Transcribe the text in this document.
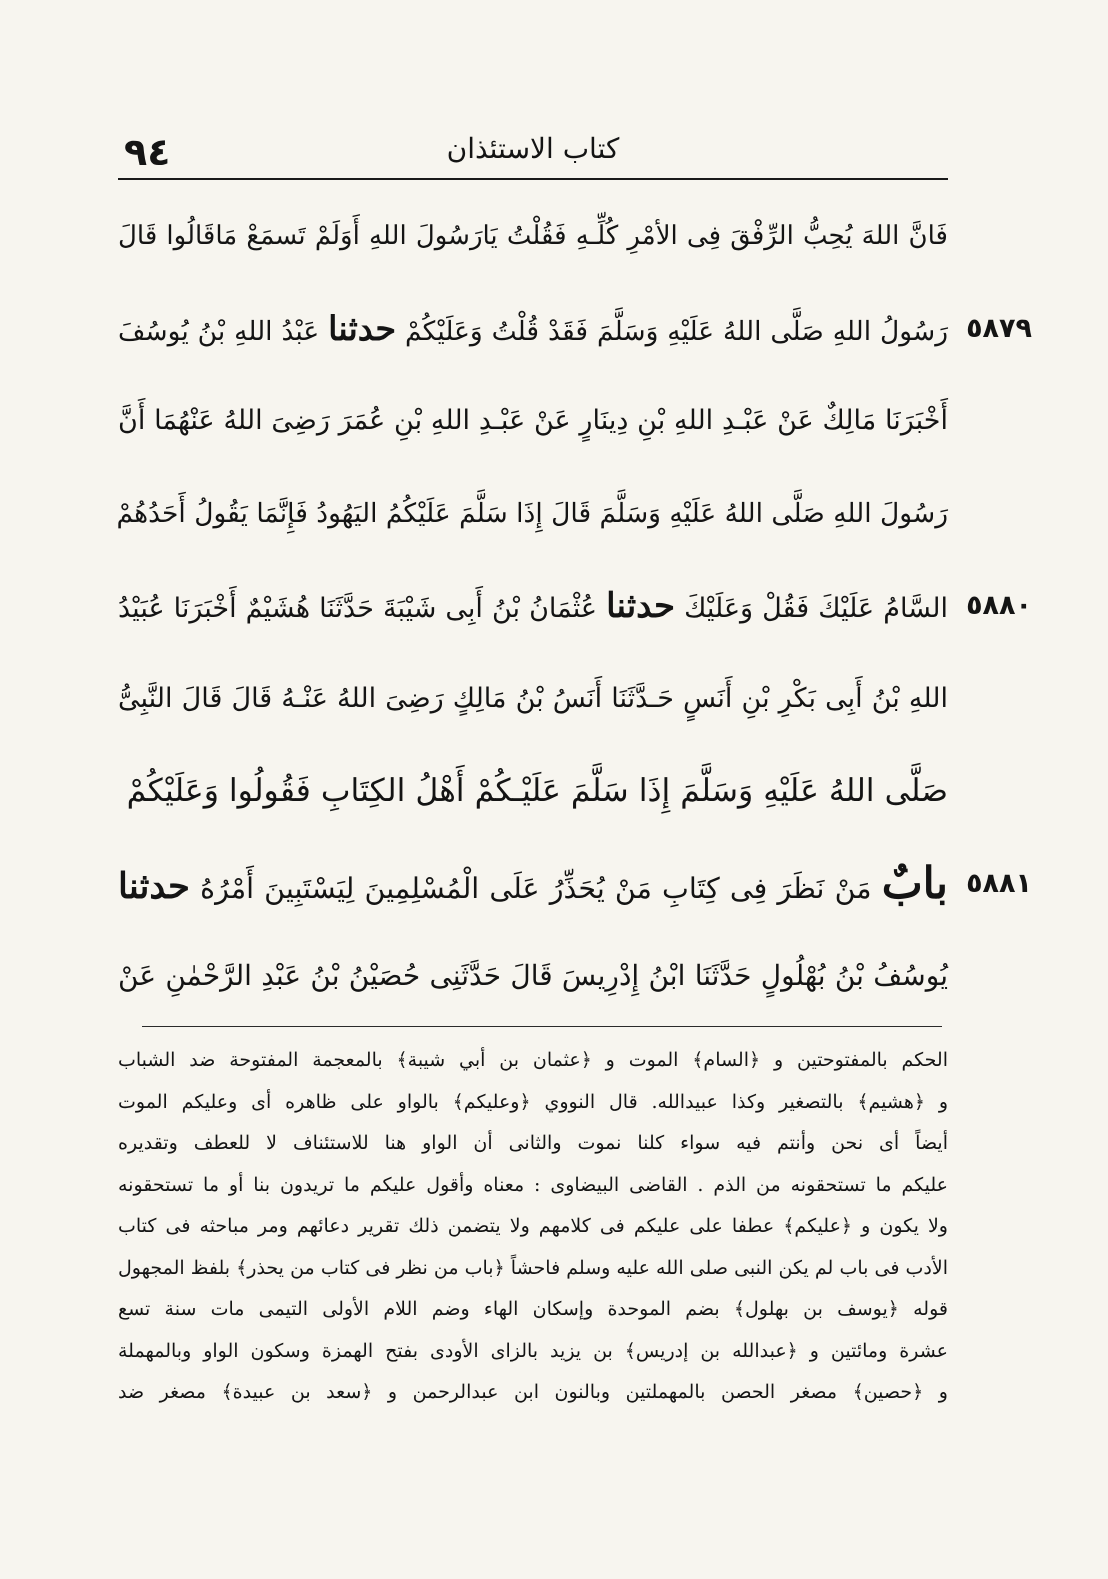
٩٤	كتاب الاستئذان
فَانَّ اللهَ يُحِبُّ الرِّفْقَ فِى الأمْرِ كُلِّـهِ فَقُلْتُ يَارَسُولَ اللهِ أَوَلَمْ تَسمَعْ مَاقَالُوا قَالَ
٥٨٧٩
رَسُولُ اللهِ صَلَّى اللهُ عَلَيْهِ وَسَلَّمَ فَقَدْ قُلْتُ وَعَلَيْكُمْ حدثنا عَبْدُ اللهِ بْنُ يُوسُفَ
أَخْبَرَنَا مَالِكٌ عَنْ عَبْـدِ اللهِ بْنِ دِينَارٍ عَنْ عَبْـدِ اللهِ بْنِ عُمَرَ رَضِىَ اللهُ عَنْهُمَا أَنَّ
رَسُولَ اللهِ صَلَّى اللهُ عَلَيْهِ وَسَلَّمَ قَالَ إِذَا سَلَّمَ عَلَيْكُمُ اليَهُودُ فَإِنَّمَا يَقُولُ أَحَدُهُمْ
٥٨٨٠
السَّامُ عَلَيْكَ فَقُلْ وَعَلَيْكَ حدثنا عُثْمَانُ بْنُ أَبِى شَيْبَةَ حَدَّثَنَا هُشَيْمٌ أَخْبَرَنَا عُبَيْدُ
اللهِ بْنُ أَبِى بَكْرِ بْنِ أَنَسٍ حَـدَّثَنَا أَنَسُ بْنُ مَالِكٍ رَضِىَ اللهُ عَنْـهُ قَالَ قَالَ النَّبِىُّ
صَلَّى اللهُ عَلَيْهِ وَسَلَّمَ إِذَا سَلَّمَ عَلَيْـكُمْ أَهْلُ الكِتَابِ فَقُولُوا وَعَلَيْكُمْ
٥٨٨١
بابٌ مَنْ نَظَرَ فِى كِتَابِ مَنْ يُحَذِّرُ عَلَى الْمُسْلِمِينَ لِيَسْتَبِينَ أَمْرُهُ حدثنا
يُوسُفُ بْنُ بُهْلُولٍ حَدَّثَنَا ابْنُ إِدْرِيسَ قَالَ حَدَّثَنِى حُصَيْنُ بْنُ عَبْدِ الرَّحْمٰنِ عَنْ
الحكم بالمفتوحتين و ﴿السام﴾ الموت و ﴿عثمان بن أبي شيبة﴾ بالمعجمة المفتوحة ضد الشباب
و ﴿هشيم﴾ بالتصغير وكذا عبيدالله. قال النووي ﴿وعليكم﴾ بالواو على ظاهره أى وعليكم الموت
أيضاً أى نحن وأنتم فيه سواء كلنا نموت والثانى أن الواو هنا للاستئناف لا للعطف وتقديره
عليكم ما تستحقونه من الذم . القاضى البيضاوى : معناه وأقول عليكم ما تريدون بنا أو ما تستحقونه
ولا يكون و ﴿عليكم﴾ عطفا على عليكم فى كلامهم ولا يتضمن ذلك تقرير دعائهم ومر مباحثه فى كتاب
الأدب فى باب لم يكن النبى صلى الله عليه وسلم فاحشاً ﴿باب من نظر فى كتاب من يحذر﴾ بلفظ المجهول
قوله ﴿يوسف بن بهلول﴾ بضم الموحدة وإسكان الهاء وضم اللام الأولى التيمى مات سنة تسع
عشرة ومائتين و ﴿عبدالله بن إدريس﴾ بن يزيد بالزاى الأودى بفتح الهمزة وسكون الواو وبالمهملة
و ﴿حصين﴾ مصغر الحصن بالمهملتين وبالنون ابن عبدالرحمن و ﴿سعد بن عبيدة﴾ مصغر ضد
